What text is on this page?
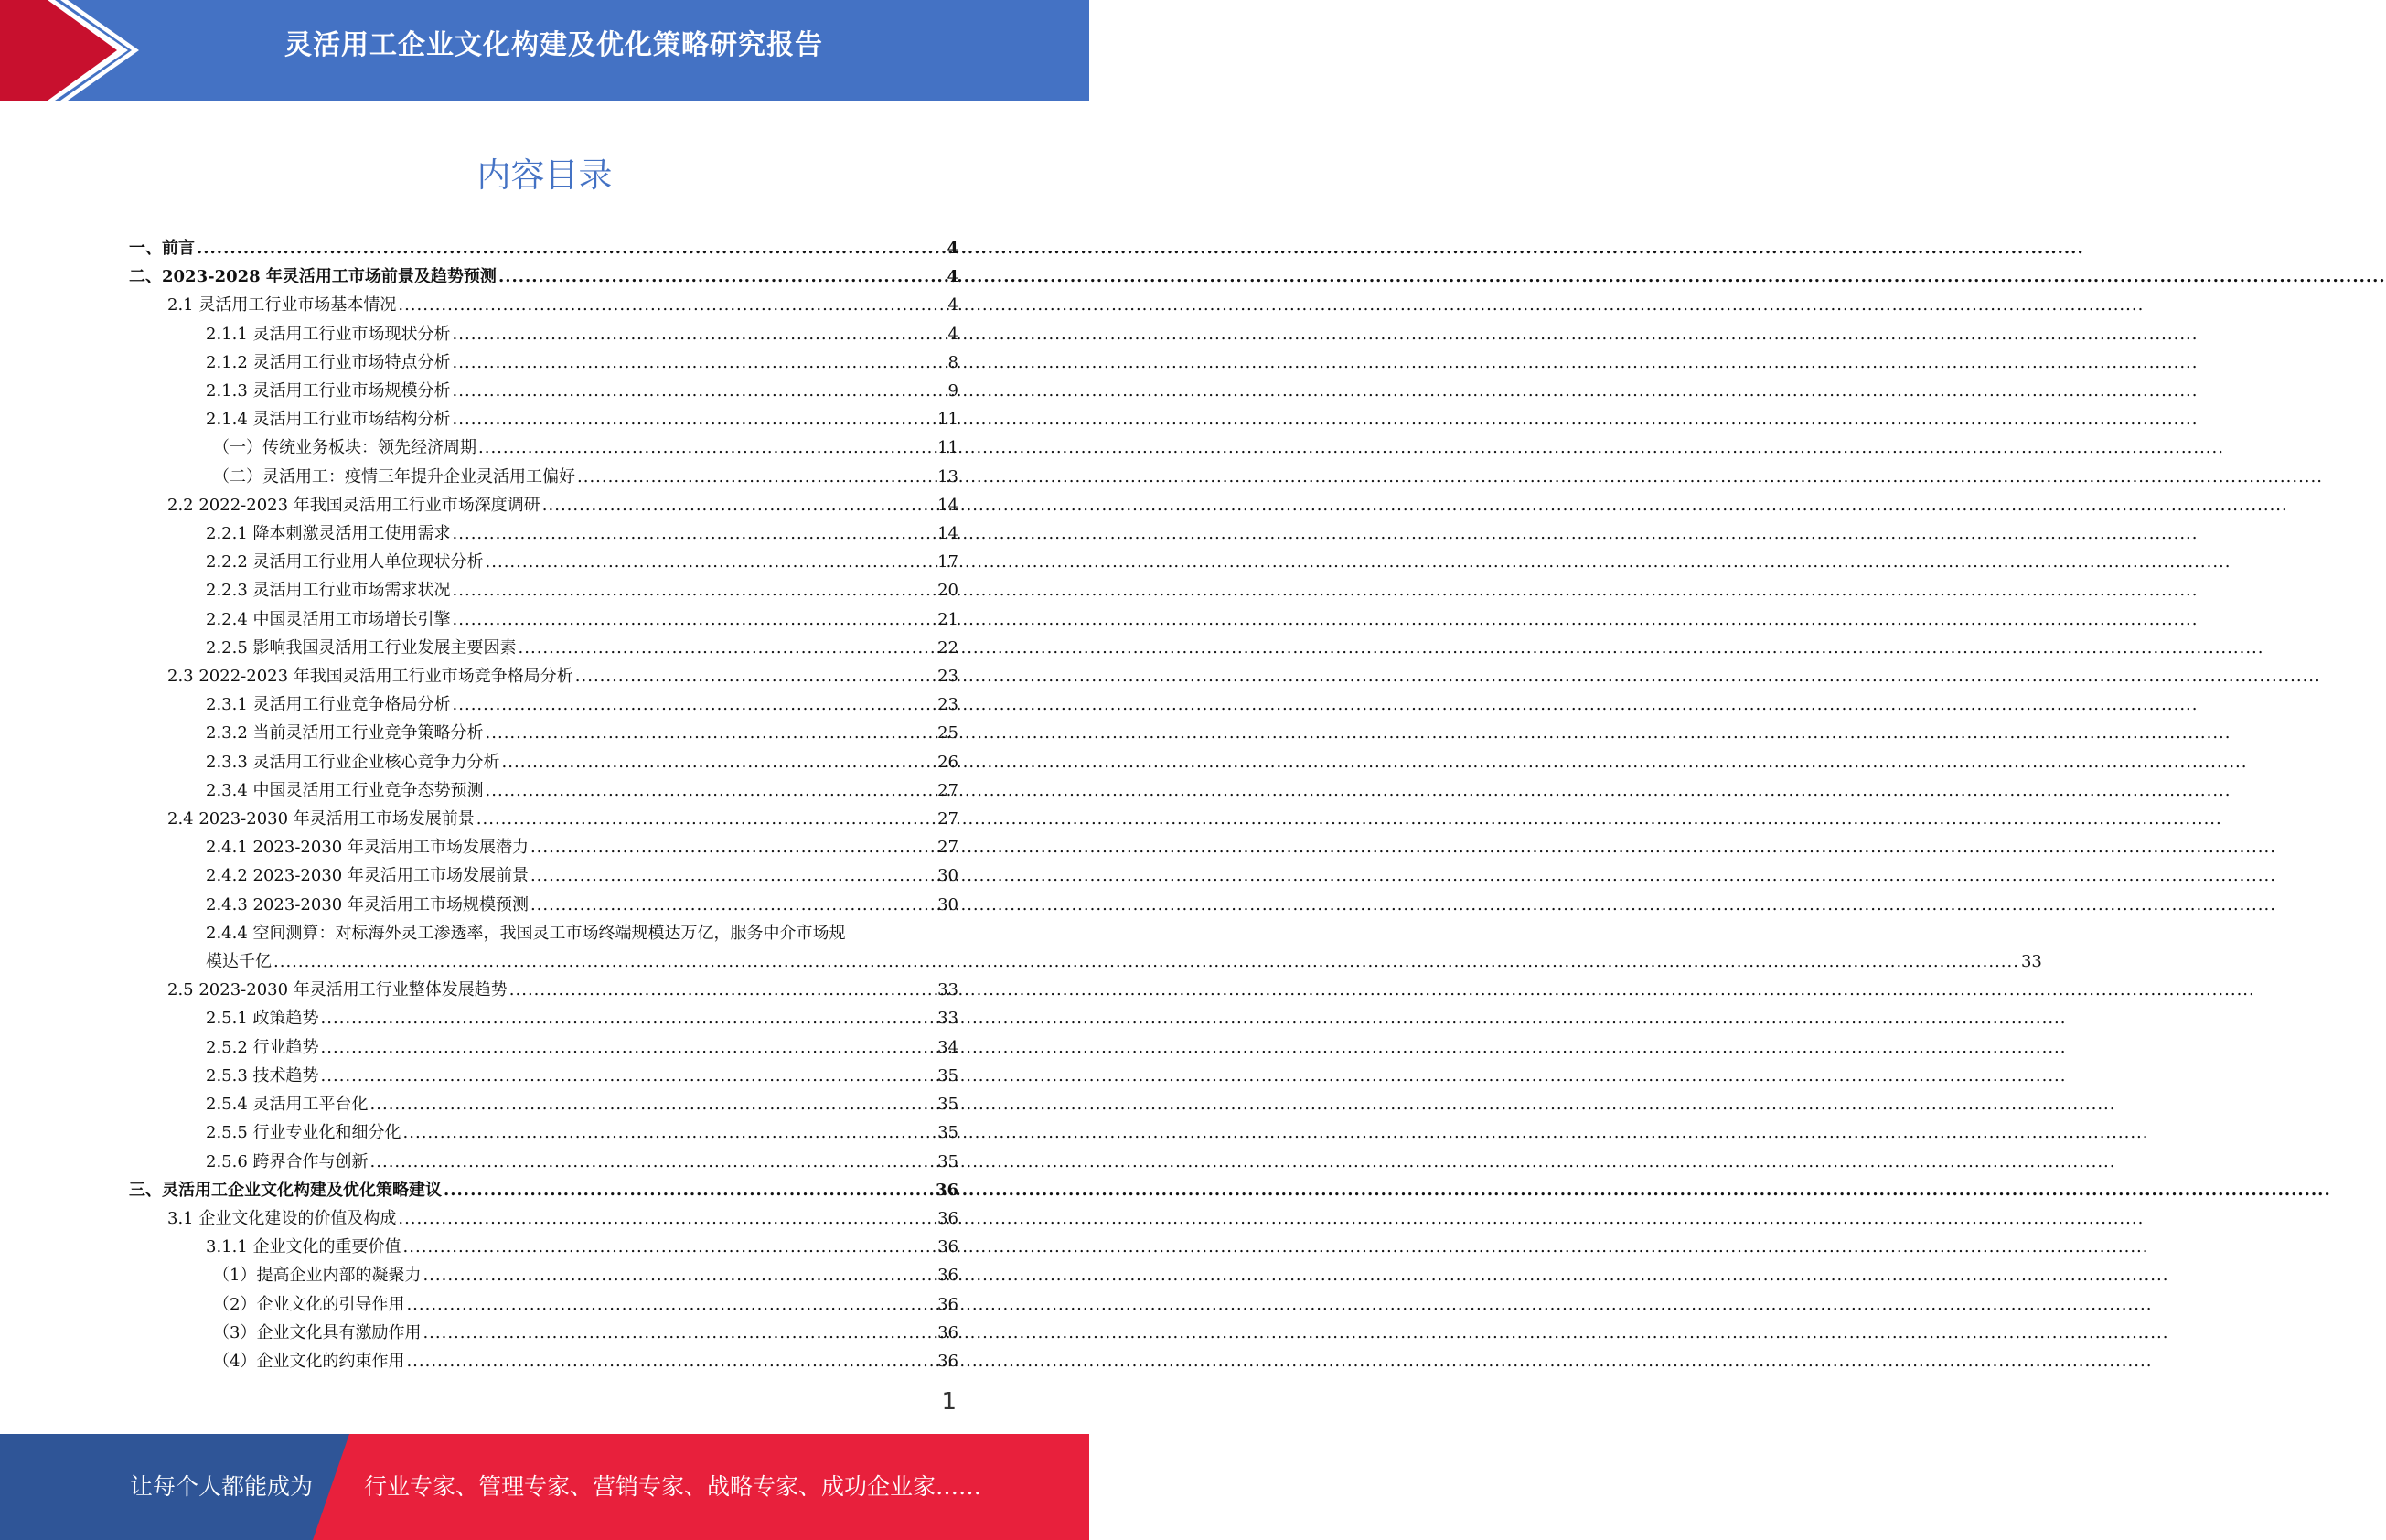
灵活用工企业文化构建及优化策略研究报告
内容目录
一、前言 .....	4
二、2023-2028 年灵活用工市场前景及趋势预测 .....	4
2.1 灵活用工行业市场基本情况 .....	4
2.1.1 灵活用工行业市场现状分析 .....	4
2.1.2 灵活用工行业市场特点分析 .....	8
2.1.3 灵活用工行业市场规模分析 .....	9
2.1.4 灵活用工行业市场结构分析 .....	11
（一）传统业务板块：领先经济周期 .....	11
（二）灵活用工：疫情三年提升企业灵活用工偏好 .....	13
2.2 2022-2023 年我国灵活用工行业市场深度调研 .....	14
2.2.1 降本刺激灵活用工使用需求 .....	14
2.2.2 灵活用工行业用人单位现状分析 .....	17
2.2.3 灵活用工行业市场需求状况 .....	20
2.2.4 中国灵活用工市场增长引擎 .....	21
2.2.5 影响我国灵活用工行业发展主要因素 .....	22
2.3 2022-2023 年我国灵活用工行业市场竞争格局分析 .....	23
2.3.1 灵活用工行业竞争格局分析 .....	23
2.3.2 当前灵活用工行业竞争策略分析 .....	25
2.3.3 灵活用工行业企业核心竞争力分析 .....	26
2.3.4 中国灵活用工行业竞争态势预测 .....	27
2.4 2023-2030 年灵活用工市场发展前景 .....	27
2.4.1 2023-2030 年灵活用工市场发展潜力 .....	27
2.4.2 2023-2030 年灵活用工市场发展前景 .....	30
2.4.3 2023-2030 年灵活用工市场规模预测 .....	30
2.4.4 空间测算：对标海外灵工渗透率，我国灵工市场终端规模达万亿，服务中介市场规
模达千亿 .....	33
2.5 2023-2030 年灵活用工行业整体发展趋势 .....	33
2.5.1 政策趋势 .....	33
2.5.2 行业趋势 .....	34
2.5.3 技术趋势 .....	35
2.5.4 灵活用工平台化 .....	35
2.5.5 行业专业化和细分化 .....	35
2.5.6 跨界合作与创新 .....	35
三、灵活用工企业文化构建及优化策略建议 .....	36
3.1 企业文化建设的价值及构成 .....	36
3.1.1 企业文化的重要价值 .....	36
（1）提高企业内部的凝聚力 .....	36
（2）企业文化的引导作用 .....	36
（3）企业文化具有激励作用 .....	36
（4）企业文化的约束作用 .....	36
1
让每个人都能成为 行业专家、管理专家、营销专家、战略专家、成功企业家……
